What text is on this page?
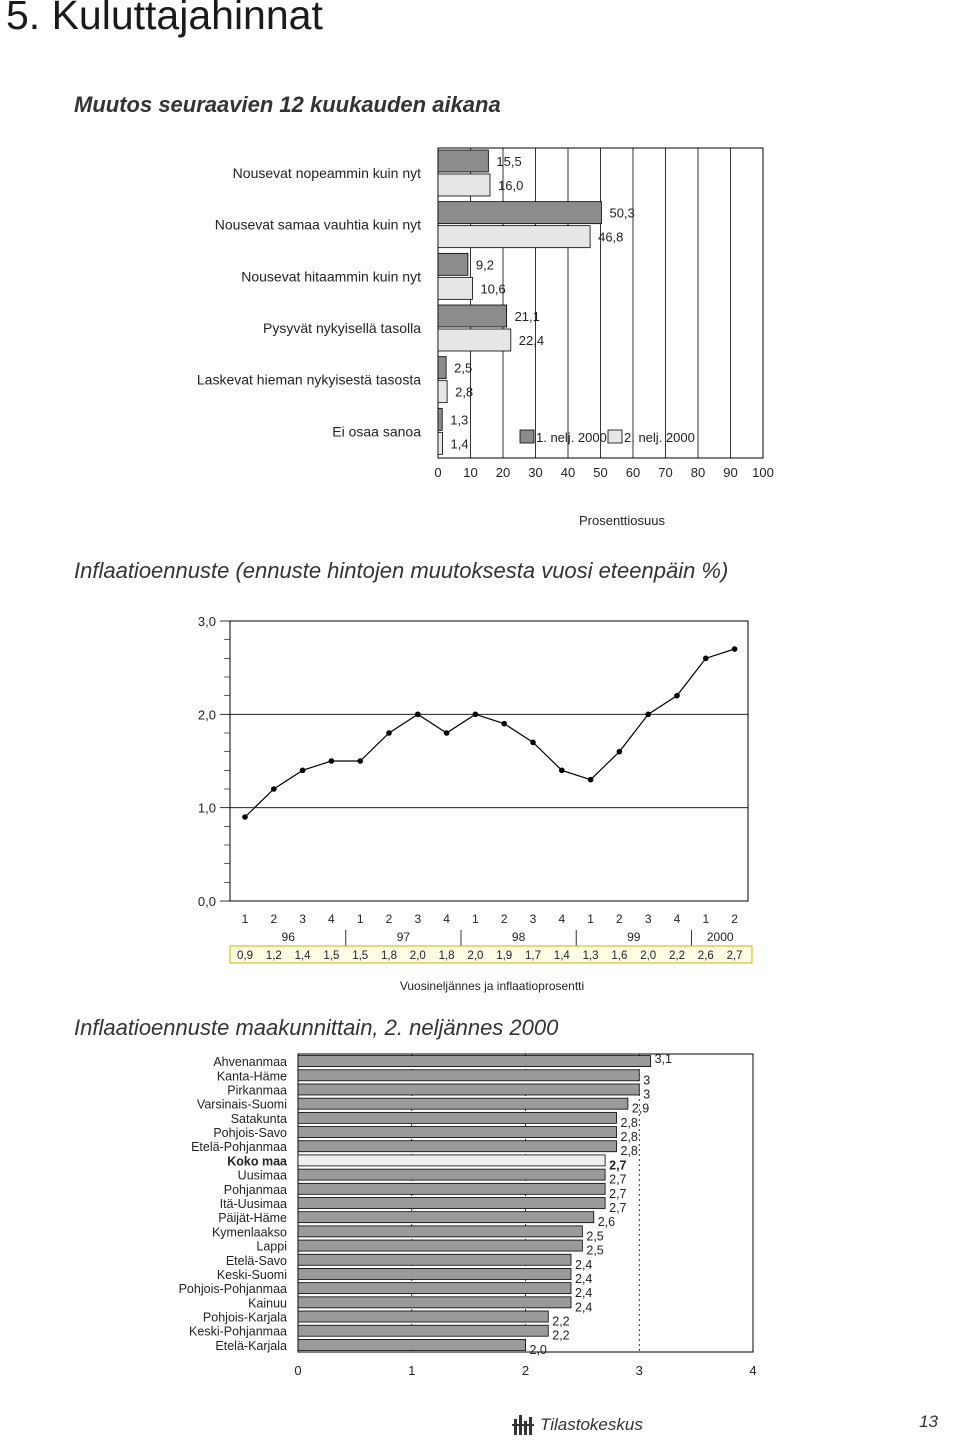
5. Kuluttajahinnat
Muutos seuraavien 12 kuukauden aikana
0 10 20 30 40 50 60 70 80 90 100
Nousevat nopeammin kuin nyt
15,5
16,0
Nousevat samaa vauhtia kuin nyt
50,3
46,8
Nousevat hitaammin kuin nyt
9,2
10,6
Pysyvät nykyisellä tasolla
21,1
22,4
Laskevat hieman nykyisestä tasosta
2,5
2,8
Ei osaa sanoa
1,3
1,4	1. nelj. 2000 2. nelj. 2000
Prosenttiosuus
Inflaatioennuste (ennuste hintojen muutoksesta vuosi eteenpäin %)
0,0
1,0
2,0
3,0
1 2 3 4 1 2 3 4 1 2 3 4 1 2 3 4 1 2
96	97	98	99	2000
0,9 1,2 1,4 1,5 1,5 1,8 2,0 1,8 2,0 1,9 1,7 1,4 1,3 1,6 2,0 2,2 2,6 2,7
Vuosineljännes ja inflaatioprosentti
Inflaatioennuste maakunnittain, 2. neljännes 2000
0	1	2	3	4
Ahvenanmaa	3,1
Kanta-Häme	3
Pirkanmaa	3
Varsinais-Suomi	2,9
Satakunta	2,8
Pohjois-Savo	2,8
Etelä-Pohjanmaa	2,8
Koko maa	2,7
Uusimaa	2,7
Pohjanmaa	2,7
Itä-Uusimaa	2,7
Päijät-Häme	2,6
Kymenlaakso	2,5
Lappi	2,5
Etelä-Savo	2,4
Keski-Suomi	2,4
Pohjois-Pohjanmaa	2,4
Kainuu	2,4
Pohjois-Karjala	2,2
Keski-Pohjanmaa	2,2
Etelä-Karjala	2,0
Tilastokeskus	13
